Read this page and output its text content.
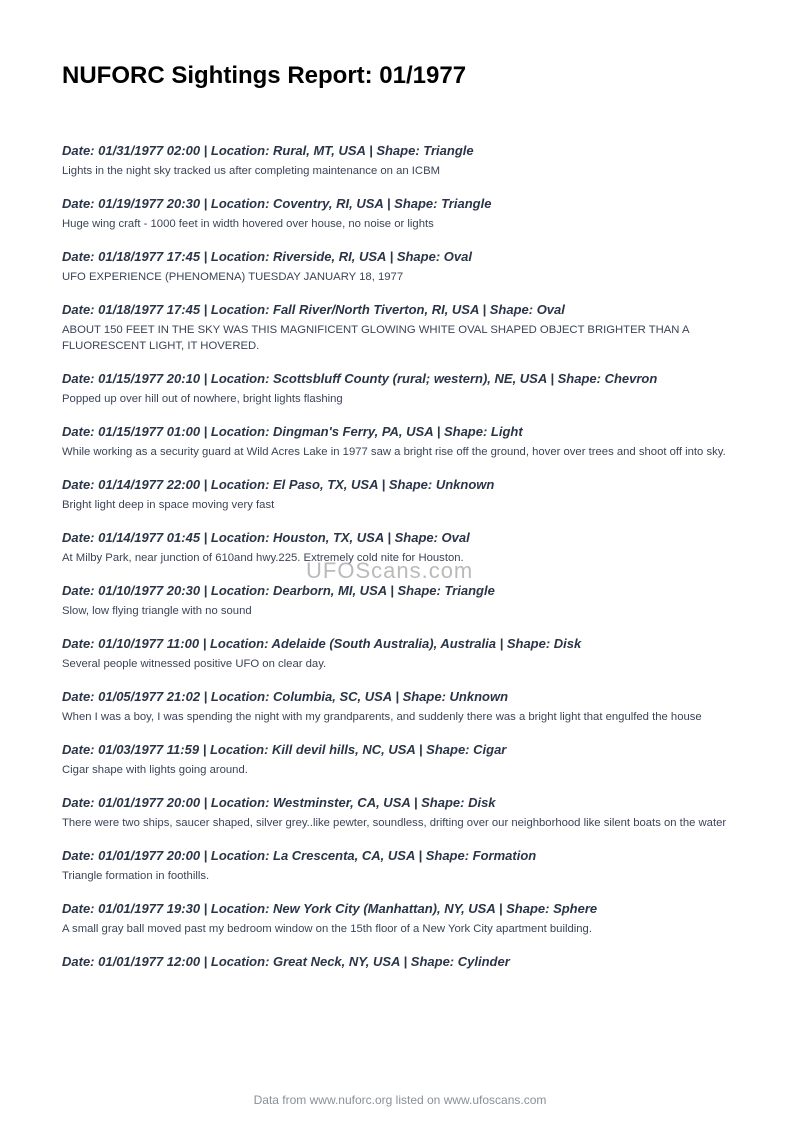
NUFORC Sightings Report: 01/1977

Date: 01/31/1977 02:00 | Location: Rural, MT, USA | Shape: Triangle

Lights in the night sky tracked us after completing maintenance on an ICBM

Date: 01/19/1977 20:30 | Location: Coventry, RI, USA | Shape: Triangle

Huge wing craft - 1000 feet in width hovered over house, no noise or lights

Date: 01/18/1977 17:45 | Location: Riverside, RI, USA | Shape: Oval

UFO EXPERIENCE (PHENOMENA) TUESDAY JANUARY 18, 1977

Date: 01/18/1977 17:45 | Location: Fall River/North Tiverton, RI, USA | Shape: Oval

ABOUT 150 FEET IN THE SKY WAS THIS MAGNIFICENT GLOWING WHITE OVAL SHAPED OBJECT BRIGHTER THAN A FLUORESCENT LIGHT, IT HOVERED.

Date: 01/15/1977 20:10 | Location: Scottsbluff County (rural; western), NE, USA | Shape: Chevron

Popped up over hill out of nowhere, bright lights flashing

Date: 01/15/1977 01:00 | Location: Dingman's Ferry, PA, USA | Shape: Light

While working as a security guard at Wild Acres Lake in 1977 saw a bright rise off the ground, hover over trees and shoot off into sky.

Date: 01/14/1977 22:00 | Location: El Paso, TX, USA | Shape: Unknown

Bright light deep in space moving very fast

Date: 01/14/1977 01:45 | Location: Houston, TX, USA | Shape: Oval

At Milby Park, near junction of 610and hwy.225. Extremely cold nite for Houston.

Date: 01/10/1977 20:30 | Location: Dearborn, MI, USA | Shape: Triangle

Slow, low flying triangle with no sound

Date: 01/10/1977 11:00 | Location: Adelaide (South Australia), Australia | Shape: Disk

Several people witnessed positive UFO on clear day.

Date: 01/05/1977 21:02 | Location: Columbia, SC, USA | Shape: Unknown

When I was a boy, I was spending the night with my grandparents, and suddenly there was a bright light that engulfed the house

Date: 01/03/1977 11:59 | Location: Kill devil hills, NC, USA | Shape: Cigar

Cigar shape with lights going around.

Date: 01/01/1977 20:00 | Location: Westminster, CA, USA | Shape: Disk

There were two ships, saucer shaped, silver grey..like pewter, soundless, drifting over our neighborhood like silent boats on the water

Date: 01/01/1977 20:00 | Location: La Crescenta, CA, USA | Shape: Formation

Triangle formation in foothills.

Date: 01/01/1977 19:30 | Location: New York City (Manhattan), NY, USA | Shape: Sphere

A small gray ball moved past my bedroom window on the 15th floor of a New York City apartment building.

Date: 01/01/1977 12:00 | Location: Great Neck, NY, USA | Shape: Cylinder

UFOScans.com
Data from www.nuforc.org listed on www.ufoscans.com
